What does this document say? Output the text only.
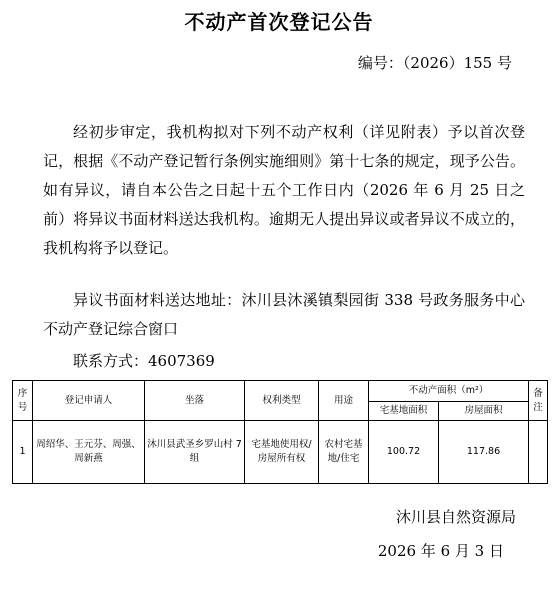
不动产首次登记公告
编号：（2026）155 号
经初步审定，我机构拟对下列不动产权利（详见附表）予以首次登记，根据《不动产登记暂行条例实施细则》第十七条的规定，现予公告。如有异议，请自本公告之日起十五个工作日内（2026 年 6 月 25 日之前）将异议书面材料送达我机构。逾期无人提出异议或者异议不成立的，我机构将予以登记。
异议书面材料送达地址：沐川县沐溪镇梨园街 338 号政务服务中心不动产登记综合窗口
联系方式：4607369
序号	登记申请人	坐落	权利类型	用途	不动产面积（m²）		备注
					宅基地面积	房屋面积	
1	周绍华、王元芬、周强、周新燕	沐川县武圣乡罗山村 7 组	宅基地使用权/房屋所有权	农村宅基地/住宅	100.72	117.86	
沐川县自然资源局
2026 年 6 月 3 日
